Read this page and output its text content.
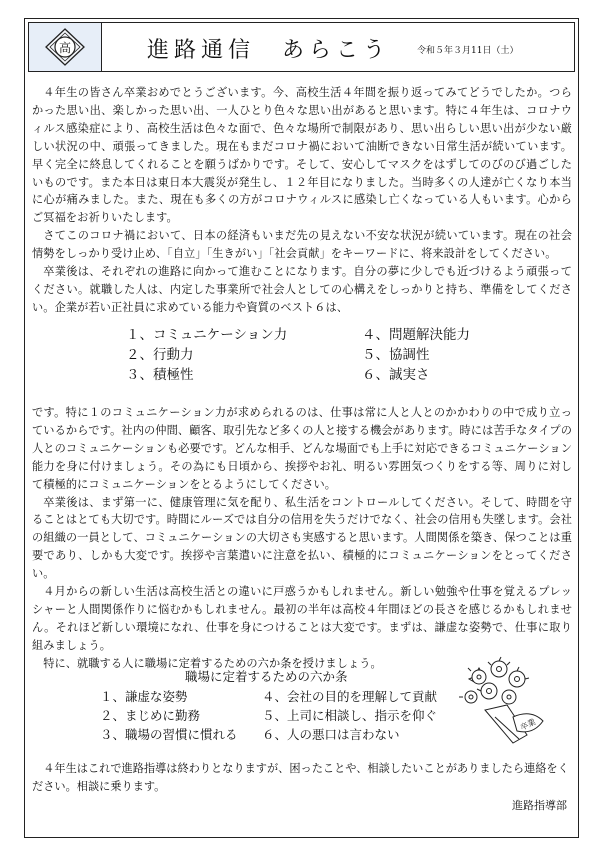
高	進路通信　あらこう	令和５年３月11日（土）

４年生の皆さん卒業おめでとうございます。今、高校生活４年間を振り返ってみてどうでしたか。つらかった思い出、楽しかった思い出、一人ひとり色々な思い出があると思います。特に４年生は、コロナウィルス感染症により、高校生活は色々な面で、色々な場所で制限があり、思い出らしい思い出が少ない厳しい状況の中、頑張ってきました。現在もまだコロナ禍において油断できない日常生活が続いています。早く完全に終息してくれることを願うばかりです。そして、安心してマスクをはずしてのびのび過ごしたいものです。また本日は東日本大震災が発生し、１２年目になりました。当時多くの人達が亡くなり本当に心が痛みました。また、現在も多くの方がコロナウィルスに感染し亡くなっている人もいます。心から ご冥福をお祈りいたします。

さてこのコロナ禍において、日本の経済もいまだ先の見えない不安な状況が続いています。現在の社会情勢をしっかり受け止め、「自立」「生きがい」「社会貢献」をキーワードに、将来設計をしてください。

卒業後は、それぞれの進路に向かって進むことになります。自分の夢に少しでも近づけるよう頑張ってください。就職した人は、内定した事業所で社会人としての心構えをしっかりと持ち、準備をしてください。企業が若い正社員に求めている能力や資質のベスト６は、

１、コミュニケーション力
２、行動力
３、積極性
４、問題解決能力
５、協調性
６、誠実さ

です。特に１のコミュニケーション力が求められるのは、仕事は常に人と人とのかかわりの中で成り立っているからです。社内の仲間、顧客、取引先など多くの人と接する機会があります。時には苦手なタイプの人とのコミュニケーションも必要です。どんな相手、どんな場面でも上手に対応できるコミュニケーション能力を身に付けましょう。その為にも日頃から、挨拶やお礼、明るい雰囲気つくりをする等、周りに対して積極的にコミュニケーションをとるようにしてください。

卒業後は、まず第一に、健康管理に気を配り、私生活をコントロールしてください。そして、時間を守ることはとても大切です。時間にルーズでは自分の信用を失うだけでなく、社会の信用も失墜します。会社の組織の一員として、コミュニケーションの大切さも実感すると思います。人間関係を築き、保つことは重要であり、しかも大変です。挨拶や言葉遣いに注意を払い、積極的にコミュニケーションをとってください。

４月からの新しい生活は高校生活との違いに戸惑うかもしれません。新しい勉強や仕事を覚えるプレッシャーと人間関係作りに悩むかもしれません。最初の半年は高校４年間ほどの長さを感じるかもしれません。それほど新しい環境になれ、仕事を身につけることは大変です。まずは、謙虚な姿勢で、仕事に取り組みましょう。

特に、就職する人に職場に定着するための六か条を授けましょう。

職場に定着するための六か条
１、謙虚な姿勢
２、まじめに勤務
３、職場の習慣に慣れる
４、会社の目的を理解して貢献
５、上司に相談し、指示を仰ぐ
６、人の悪口は言わない
卒業

４年生はこれで進路指導は終わりとなりますが、困ったことや、相談したいことがありましたら連絡をください。相談に乗ります。

進路指導部
